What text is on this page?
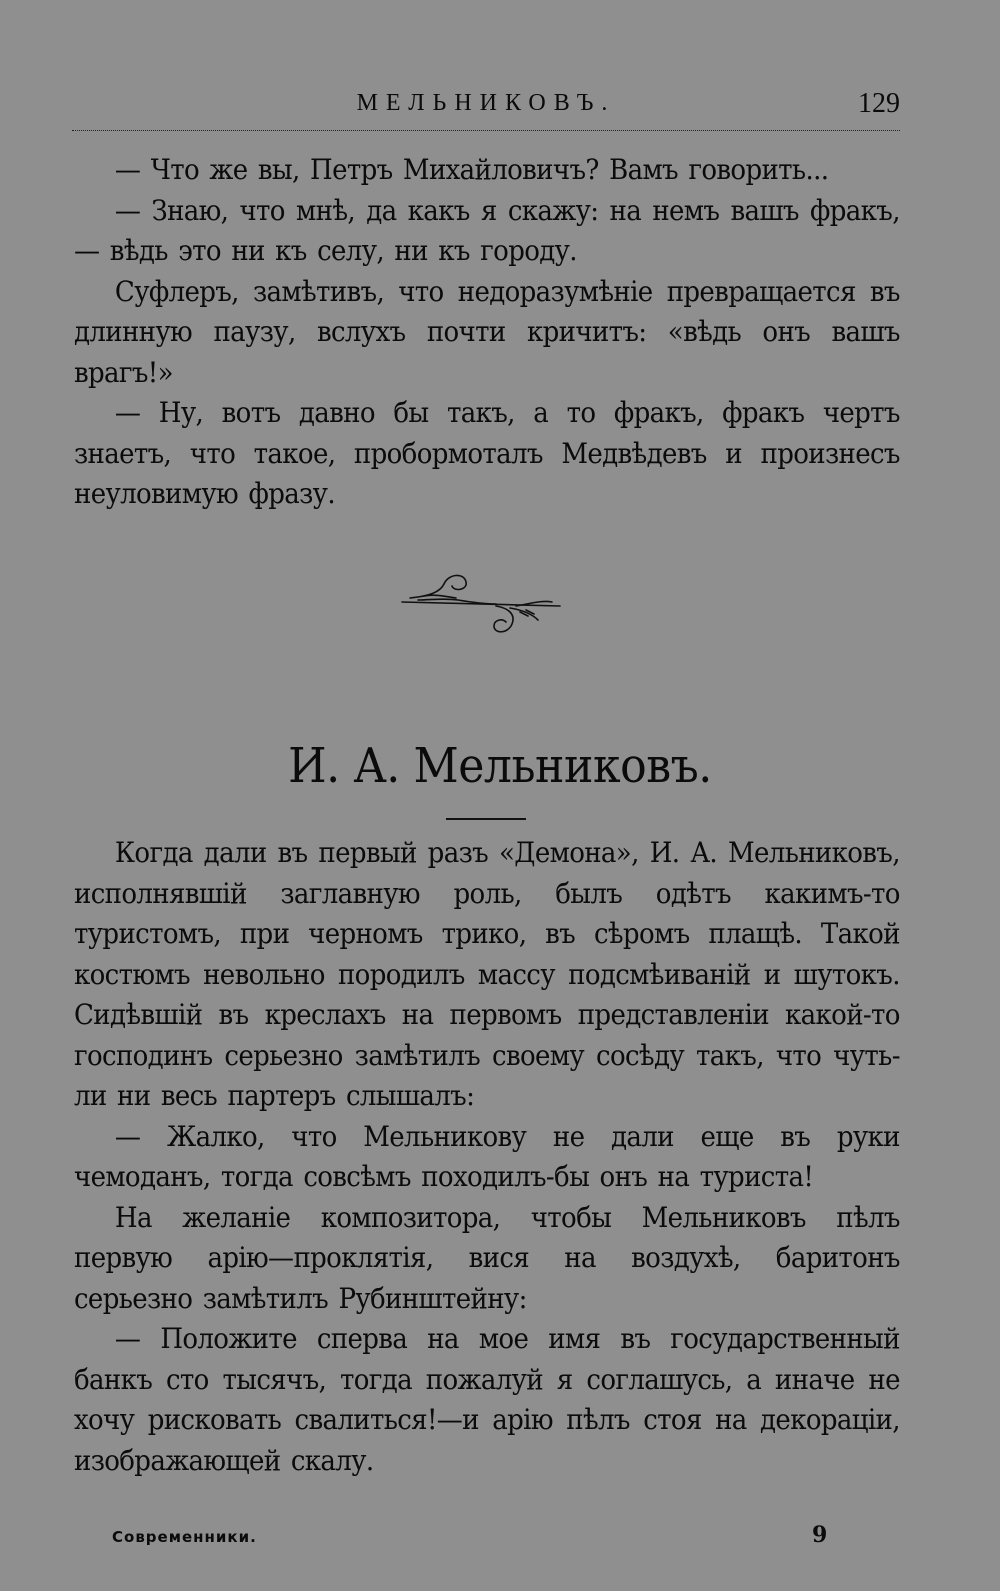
МЕЛЬНИКОВЪ.	129

— Что же вы, Петръ Михайловичъ? Вамъ говорить...

— Знаю, что мнѣ, да какъ я скажу: на немъ вашъ фракъ, — вѣдь это ни къ селу, ни къ городу.

Суфлеръ, замѣтивъ, что недоразумѣніе превращается въ длинную паузу, вслухъ почти кричитъ: «вѣдь онъ вашъ врагъ!»

— Ну, вотъ давно бы такъ, а то фракъ, фракъ чертъ знаетъ, что такое, пробормоталъ Медвѣдевъ и произнесъ неуловимую фразу.

И. А. Мельниковъ.

Когда дали въ первый разъ «Демона», И. А. Мельниковъ, исполнявшій заглавную роль, былъ одѣтъ какимъ-то туристомъ, при черномъ трико, въ сѣромъ плащѣ. Такой костюмъ невольно породилъ массу подсмѣиваній и шутокъ. Сидѣвшій въ креслахъ на первомъ представленіи какой-то господинъ серьезно замѣтилъ своему сосѣду такъ, что чуть-ли ни весь партеръ слышалъ:

— Жалко, что Мельникову не дали еще въ руки чемоданъ, тогда совсѣмъ походилъ-бы онъ на туриста!

На желаніе композитора, чтобы Мельниковъ пѣлъ первую арію—проклятія, вися на воздухѣ, баритонъ серьезно замѣтилъ Рубинштейну:

— Положите сперва на мое имя въ государственный банкъ сто тысячъ, тогда пожалуй я соглашусь, а иначе не хочу рисковать свалиться!—и арію пѣлъ стоя на декораціи, изображающей скалу.

Современники.	9
